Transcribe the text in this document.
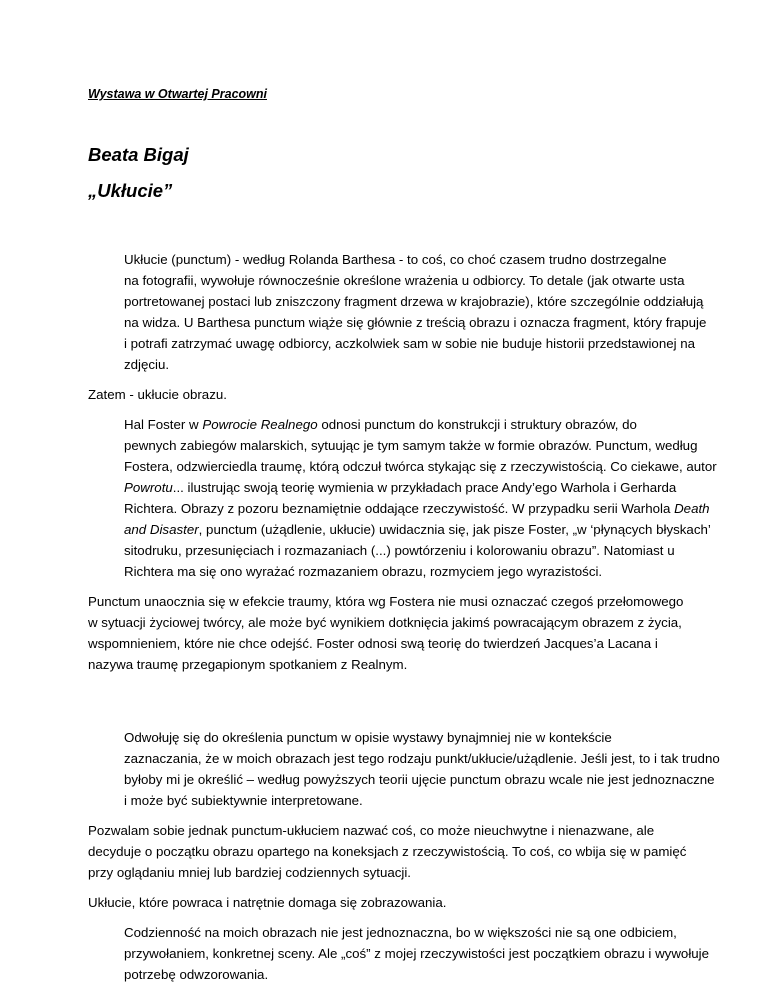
Wystawa w Otwartej Pracowni
Beata Bigaj
„Ukłucie”

Ukłucie (punctum) - według Rolanda Barthesa - to coś, co choć czasem trudno dostrzegalne
na fotografii, wywołuje równocześnie określone wrażenia u odbiorcy. To detale (jak otwarte usta
portretowanej postaci lub zniszczony fragment drzewa w krajobrazie), które szczególnie oddziałują
na widza. U Barthesa punctum wiąże się głównie z treścią obrazu i oznacza fragment, który frapuje
i potrafi zatrzymać uwagę odbiorcy, aczkolwiek sam w sobie nie buduje historii przedstawionej na
zdjęciu.

Zatem - ukłucie obrazu.

Hal Foster w Powrocie Realnego odnosi punctum do konstrukcji i struktury obrazów, do
pewnych zabiegów malarskich, sytuując je tym samym także w formie obrazów. Punctum, według
Fostera, odzwierciedla traumę, którą odczuł twórca stykając się z rzeczywistością. Co ciekawe, autor
Powrotu... ilustrując swoją teorię wymienia w przykładach prace Andy’ego Warhola i Gerharda
Richtera. Obrazy z pozoru beznamiętnie oddające rzeczywistość. W przypadku serii Warhola Death
and Disaster, punctum (użądlenie, ukłucie) uwidacznia się, jak pisze Foster, „w ‘płynących błyskach’
sitodruku, przesunięciach i rozmazaniach (...) powtórzeniu i kolorowaniu obrazu”. Natomiast u
Richtera ma się ono wyrażać rozmazaniem obrazu, rozmyciem jego wyrazistości.

Punctum unaocznia się w efekcie traumy, która wg Fostera nie musi oznaczać czegoś przełomowego
w sytuacji życiowej twórcy, ale może być wynikiem dotknięcia jakimś powracającym obrazem z życia,
wspomnieniem, które nie chce odejść. Foster odnosi swą teorię do twierdzeń Jacques’a Lacana i
nazywa traumę przegapionym spotkaniem z Realnym.

Odwołuję się do określenia punctum w opisie wystawy bynajmniej nie w kontekście
zaznaczania, że w moich obrazach jest tego rodzaju punkt/ukłucie/użądlenie. Jeśli jest, to i tak trudno
byłoby mi je określić – według powyższych teorii ujęcie punctum obrazu wcale nie jest jednoznaczne
i może być subiektywnie interpretowane.

Pozwalam sobie jednak punctum-ukłuciem nazwać coś, co może nieuchwytne i nienazwane, ale
decyduje o początku obrazu opartego na koneksjach z rzeczywistością. To coś, co wbija się w pamięć
przy oglądaniu mniej lub bardziej codziennych sytuacji.

Ukłucie, które powraca i natrętnie domaga się zobrazowania.

Codzienność na moich obrazach nie jest jednoznaczna, bo w większości nie są one odbiciem,
przywołaniem, konkretnej sceny. Ale „coś” z mojej rzeczywistości jest początkiem obrazu i wywołuje
potrzebę odwzorowania.
